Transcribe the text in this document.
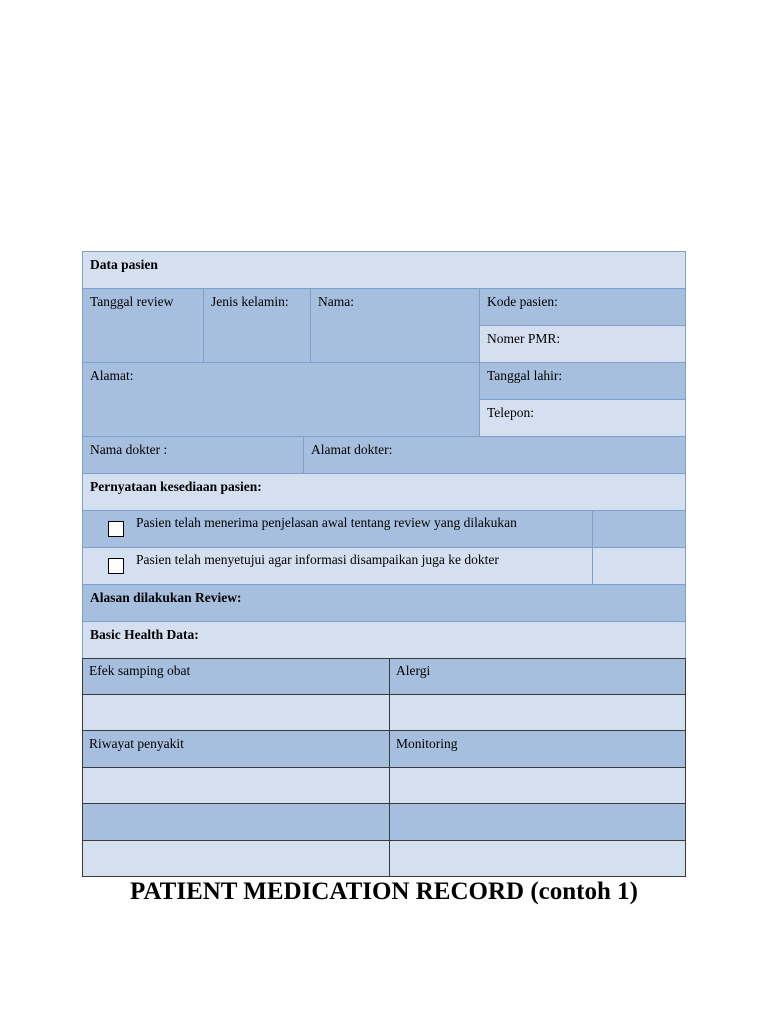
Data pasien
Tanggal review	Jenis kelamin:	Nama:	Kode pasien:
Nomer PMR:
Alamat:	Tanggal lahir:
Telepon:
Nama dokter :	Alamat dokter:
Pernyataan kesediaan pasien:
Pasien telah menerima penjelasan awal tentang review yang dilakukan
Pasien telah menyetujui agar informasi disampaikan juga ke dokter
Alasan dilakukan Review:
Basic Health Data:
Efek samping obat	Alergi
Riwayat penyakit	Monitoring
PATIENT MEDICATION RECORD (contoh 1)
